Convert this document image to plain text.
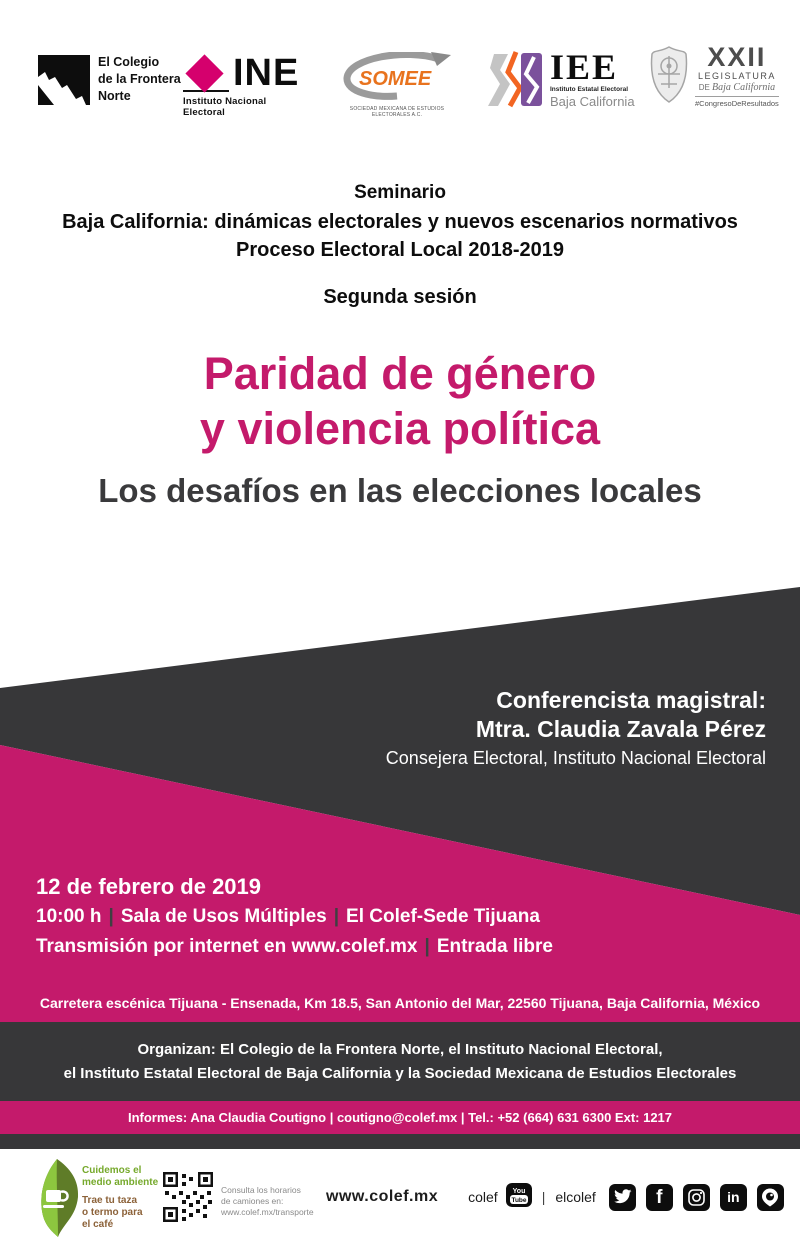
El Colegio
de la Frontera
Norte
INE
Instituto Nacional Electoral
SOMEE
SOCIEDAD MEXICANA DE ESTUDIOS ELECTORALES A.C.
IEE
Instituto Estatal Electoral
Baja California
XXII
LEGISLATURA
DE Baja California
#CongresoDeResultados
Seminario
Baja California: dinámicas electorales y nuevos escenarios normativos
Proceso Electoral Local 2018-2019
Segunda sesión
Paridad de género
y violencia política
Los desafíos en las elecciones locales
Conferencista magistral:
Mtra. Claudia Zavala Pérez
Consejera Electoral, Instituto Nacional Electoral
12 de febrero de 2019
10:00 h | Sala de Usos Múltiples | El Colef-Sede Tijuana
Transmisión por internet en www.colef.mx | Entrada libre
Carretera escénica Tijuana - Ensenada, Km 18.5, San Antonio del Mar, 22560 Tijuana, Baja California, México
Organizan: El Colegio de la Frontera Norte, el Instituto Nacional Electoral,
el Instituto Estatal Electoral de Baja California y la Sociedad Mexicana de Estudios Electorales
Informes: Ana Claudia Coutigno | coutigno@colef.mx | Tel.: +52 (664) 631 6300 Ext: 1217
Cuidemos el
medio ambiente
Trae tu taza
o termo para
el café
Consulta los horarios
de camiones en:
www.colef.mx/transporte
www.colef.mx colef You
Tube | elcolef	f	in
